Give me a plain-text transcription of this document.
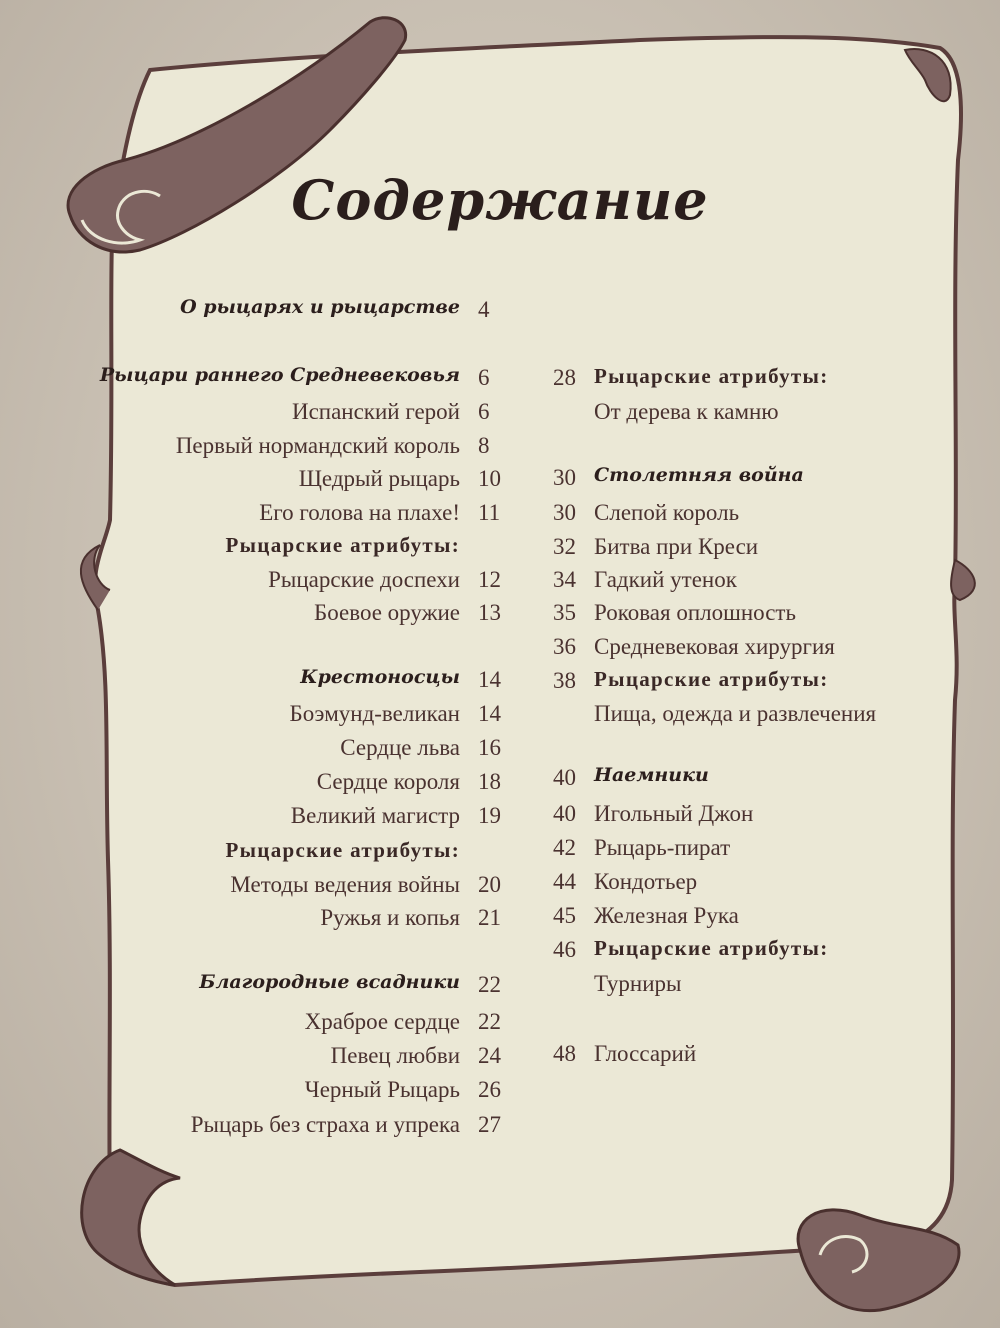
Содержание
О рыцарях и рыцарстве 4
Рыцари раннего Средневековья 6
Испанский герой 6
Первый нормандский король 8
Щедрый рыцарь 10
Его голова на плахе! 11
Рыцарские атрибуты:
Рыцарские доспехи 12
Боевое оружие 13
Крестоносцы 14
Боэмунд-великан 14
Сердце льва 16
Сердце короля 18
Великий магистр 19
Рыцарские атрибуты:
Методы ведения войны 20
Ружья и копья 21
Благородные всадники 22
Храброе сердце 22
Певец любви 24
Черный Рыцарь 26
Рыцарь без страха и упрека 27
Рыцарские атрибуты:
28
От дерева к камню
Столетняя война
30
Слепой король
30
Битва при Креси
32
Гадкий утенок
34
Роковая оплошность
35
Средневековая хирургия
36
Рыцарские атрибуты:
38
Пища, одежда и развлечения
Наемники
40
Игольный Джон
40
Рыцарь-пират
42
Кондотьер
44
Железная Рука
45
Рыцарские атрибуты:
46
Турниры
Глоссарий
48
